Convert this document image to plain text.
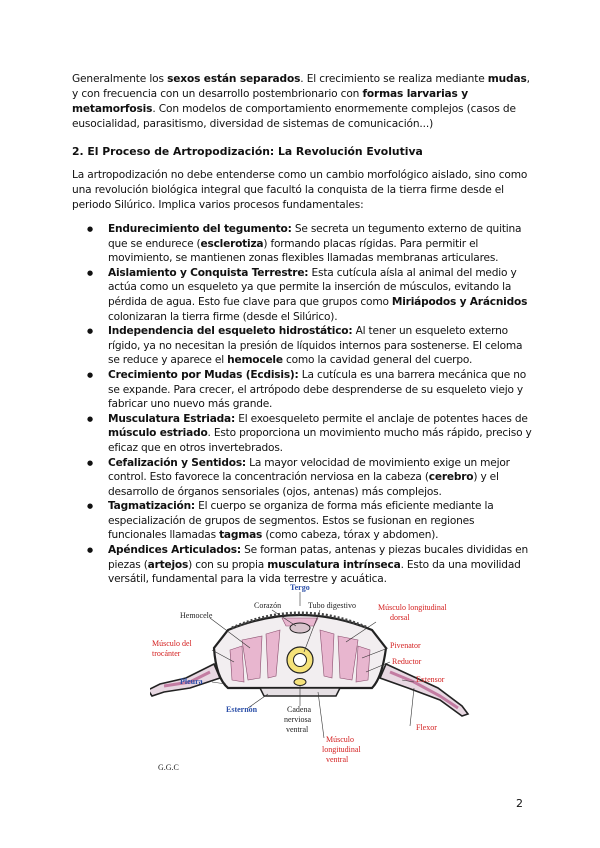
Generalmente los sexos están separados. El crecimiento se realiza mediante mudas, y con frecuencia con un desarrollo postembrionario con formas larvarias y metamorfosis. Con modelos de comportamiento enormemente complejos (casos de eusocialidad, parasitismo, diversidad de sistemas de comunicación...)
2. El Proceso de Artropodización: La Revolución Evolutiva
La artropodización no debe entenderse como un cambio morfológico aislado, sino como una revolución biológica integral que facultó la conquista de la tierra firme desde el periodo Silúrico. Implica varios procesos fundamentales:
● Endurecimiento del tegumento: Se secreta un tegumento externo de quitina que se endurece (esclerotiza) formando placas rígidas. Para permitir el movimiento, se mantienen zonas flexibles llamadas membranas articulares.
● Aislamiento y Conquista Terrestre: Esta cutícula aísla al animal del medio y actúa como un esqueleto ya que permite la inserción de músculos, evitando la pérdida de agua. Esto fue clave para que grupos como Miriápodos y Arácnidos colonizaran la tierra firme (desde el Silúrico).
● Independencia del esqueleto hidrostático: Al tener un esqueleto externo rígido, ya no necesitan la presión de líquidos internos para sostenerse. El celoma se reduce y aparece el hemocele como la cavidad general del cuerpo.
● Crecimiento por Mudas (Ecdisis): La cutícula es una barrera mecánica que no se expande. Para crecer, el artrópodo debe desprenderse de su esqueleto viejo y fabricar uno nuevo más grande.
● Musculatura Estriada: El exoesqueleto permite el anclaje de potentes haces de músculo estriado. Esto proporciona un movimiento mucho más rápido, preciso y eficaz que en otros invertebrados.
● Cefalización y Sentidos: La mayor velocidad de movimiento exige un mejor control. Esto favorece la concentración nerviosa en la cabeza (cerebro) y el desarrollo de órganos sensoriales (ojos, antenas) más complejos.
● Tagmatización: El cuerpo se organiza de forma más eficiente mediante la especialización de grupos de segmentos. Estos se fusionan en regiones funcionales llamadas tagmas (como cabeza, tórax y abdomen).
● Apéndices Articulados: Se forman patas, antenas y piezas bucales divididas en piezas (artejos) con su propia musculatura intrínseca. Esto da una movilidad versátil, fundamental para la vida terrestre y acuática.
Tergo
Corazón	Tubo digestivo
Hemocele
Músculo longitudinal
dorsal
Músculo del
trocánter
Pivenator
Reductor
Pleura	Extensor
Esternón	Cadena
nerviosa
ventral	Flexor
Músculo
longitudinal
ventral
G.G.C
2
